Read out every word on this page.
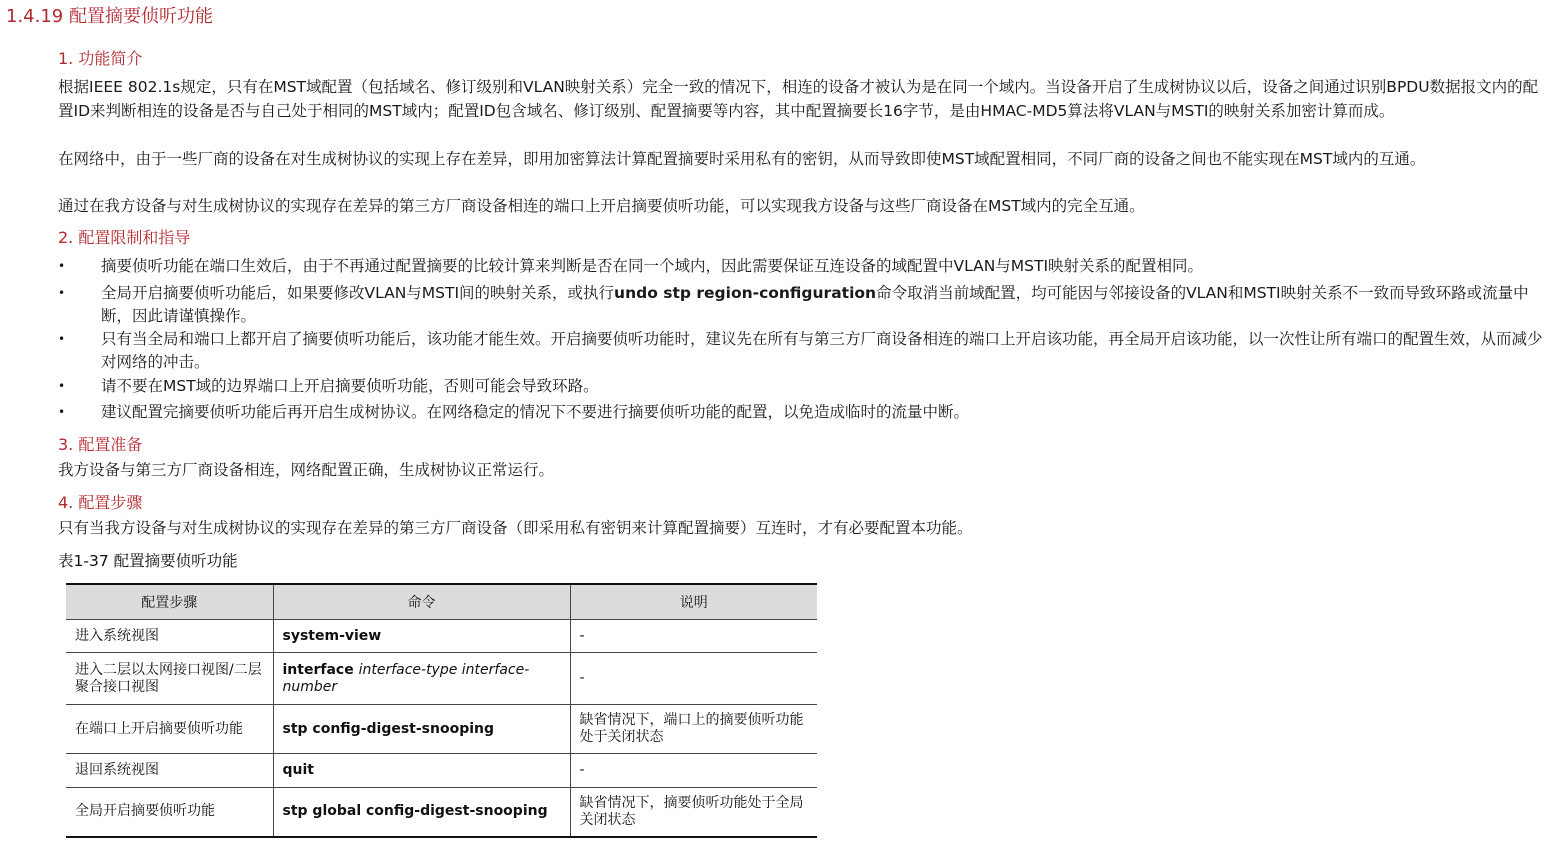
1.4.19 配置摘要侦听功能
1. 功能简介
根据IEEE 802.1s规定，只有在MST域配置（包括域名、修订级别和VLAN映射关系）完全一致的情况下，相连的设备才被认为是在同一个域内。当设备开启了生成树协议以后，设备之间通过识别BPDU数据报文内的配置ID来判断相连的设备是否与自己处于相同的MST域内；配置ID包含域名、修订级别、配置摘要等内容，其中配置摘要长16字节，是由HMAC-MD5算法将VLAN与MSTI的映射关系加密计算而成。
在网络中，由于一些厂商的设备在对生成树协议的实现上存在差异，即用加密算法计算配置摘要时采用私有的密钥，从而导致即使MST域配置相同，不同厂商的设备之间也不能实现在MST域内的互通。
通过在我方设备与对生成树协议的实现存在差异的第三方厂商设备相连的端口上开启摘要侦听功能，可以实现我方设备与这些厂商设备在MST域内的完全互通。
2. 配置限制和指导
• 摘要侦听功能在端口生效后，由于不再通过配置摘要的比较计算来判断是否在同一个域内，因此需要保证互连设备的域配置中VLAN与MSTI映射关系的配置相同。
• 全局开启摘要侦听功能后，如果要修改VLAN与MSTI间的映射关系，或执行undo stp region-configuration命令取消当前域配置，均可能因与邻接设备的VLAN和MSTI映射关系不一致而导致环路或流量中断，因此请谨慎操作。
• 只有当全局和端口上都开启了摘要侦听功能后，该功能才能生效。开启摘要侦听功能时，建议先在所有与第三方厂商设备相连的端口上开启该功能，再全局开启该功能，以一次性让所有端口的配置生效，从而减少对网络的冲击。
• 请不要在MST域的边界端口上开启摘要侦听功能，否则可能会导致环路。
• 建议配置完摘要侦听功能后再开启生成树协议。在网络稳定的情况下不要进行摘要侦听功能的配置，以免造成临时的流量中断。
3. 配置准备
我方设备与第三方厂商设备相连，网络配置正确，生成树协议正常运行。
4. 配置步骤
只有当我方设备与对生成树协议的实现存在差异的第三方厂商设备（即采用私有密钥来计算配置摘要）互连时，才有必要配置本功能。
表1-37 配置摘要侦听功能
配置步骤	命令	说明
进入系统视图	system-view	-
进入二层以太网接口视图/二层聚合接口视图	interface interface-type interface-number	-
在端口上开启摘要侦听功能	stp config-digest-snooping	缺省情况下，端口上的摘要侦听功能处于关闭状态
退回系统视图	quit	-
全局开启摘要侦听功能	stp global config-digest-snooping	缺省情况下，摘要侦听功能处于全局关闭状态
